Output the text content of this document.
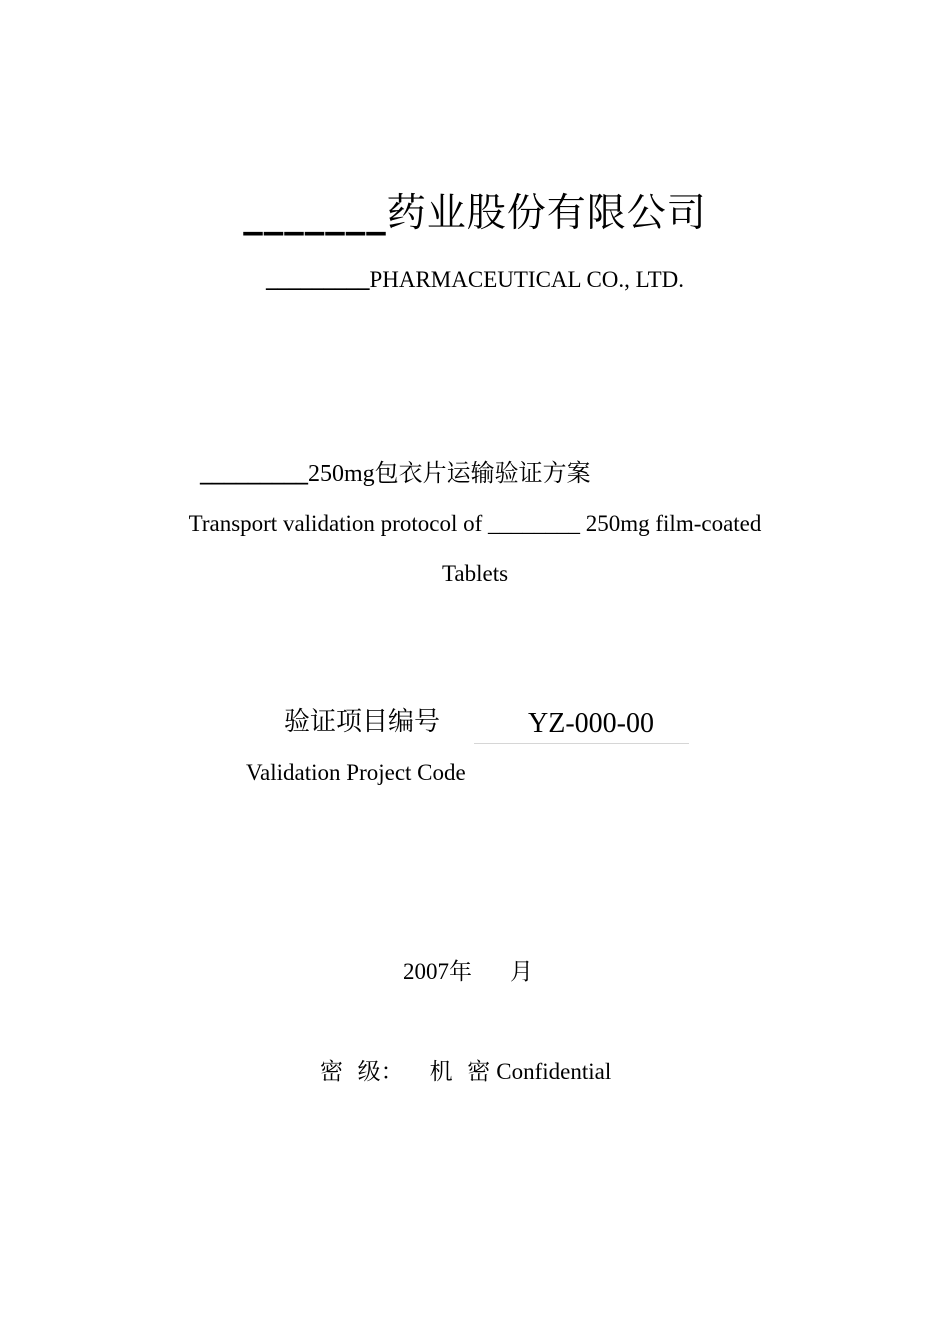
_______药业股份有限公司
_________PHARMACEUTICAL CO., LTD.
_________250mg包衣片运输验证方案
Transport validation protocol of ________ 250mg film-coated
Tablets
验证项目编号	YZ-000-00
Validation Project Code
2007年 月
密  级： 机  密 Confidential
